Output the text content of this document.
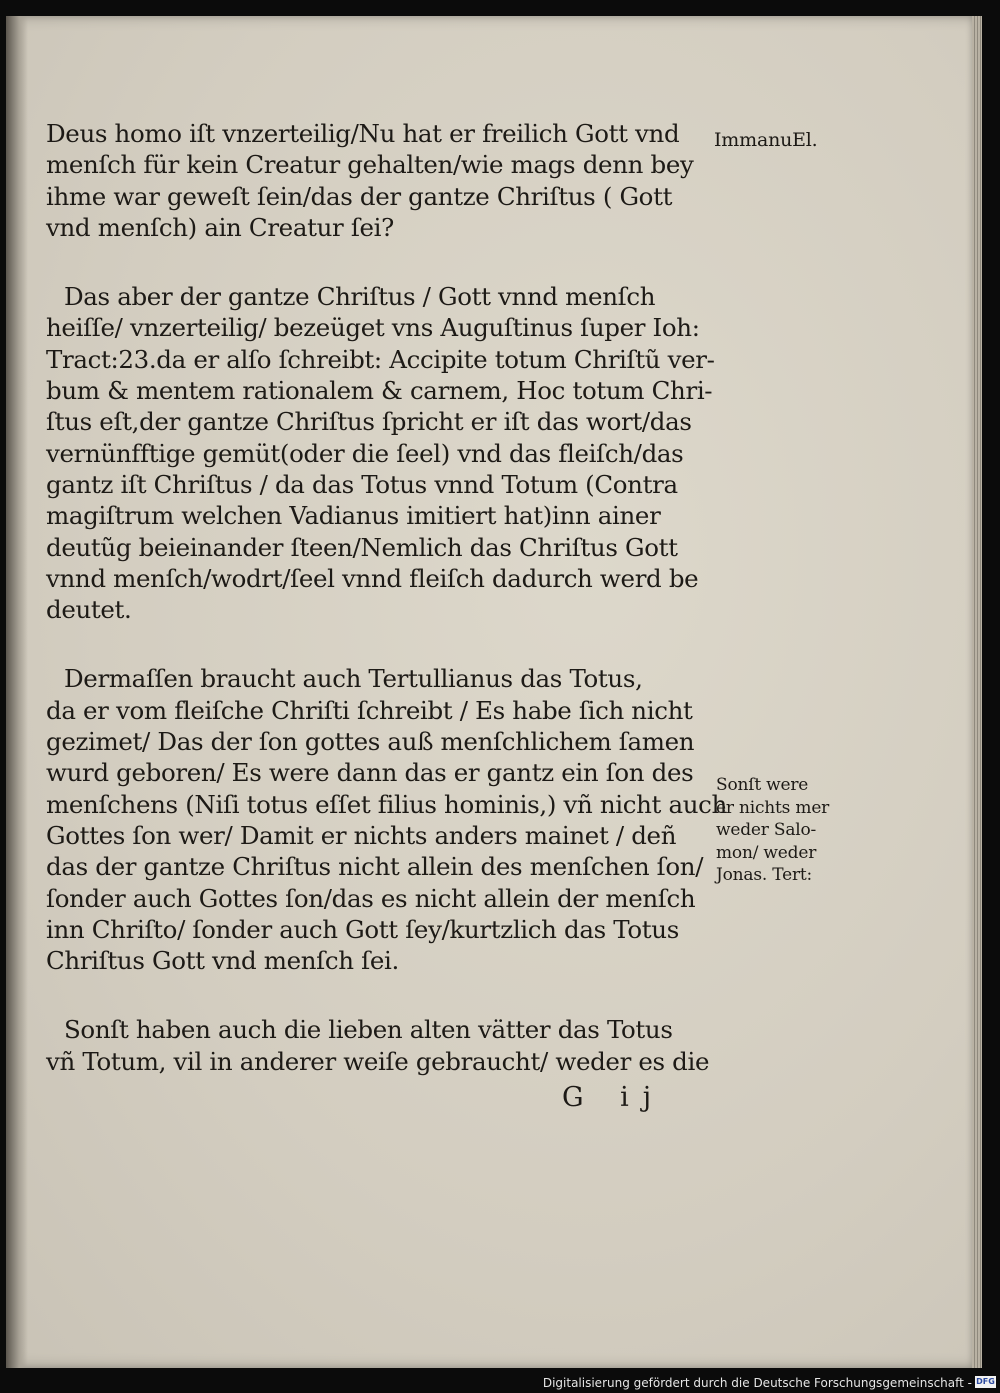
Deus homo iſt vnzerteilig/Nu hat er freilich Gott vnd
menſch für kein Creatur gehalten/wie mags denn bey
ihme war geweſt ſein/das der gantze Chriſtus ( Gott
vnd menſch) ain Creatur ſei?
Das aber der gantze Chriſtus / Gott vnnd menſch
heiſſe/ vnzerteilig/ bezeüget vns Auguſtinus ſuper Ioh:
Tract:23.da er alſo ſchreibt: Accipite totum Chriſtũ ver-
bum & mentem rationalem & carnem, Hoc totum Chri-
ſtus eſt,der gantze Chriſtus ſpricht er iſt das wort/das
vernünfftige gemüt(oder die ſeel) vnd das fleiſch/das
gantz iſt Chriſtus / da das Totus vnnd Totum (Contra
magiſtrum welchen Vadianus imitiert hat)inn ainer
deutũg beieinander ſteen/Nemlich das Chriſtus Gott
vnnd menſch/wodrt/ſeel vnnd fleiſch dadurch werd be
deutet.
Dermaſſen braucht auch Tertullianus das Totus,
da er vom fleiſche Chriſti ſchreibt / Es habe ſich nicht
gezimet/ Das der ſon gottes auß menſchlichem ſamen
wurd geboren/ Es were dann das er gantz ein ſon des
menſchens (Niſi totus eſſet filius hominis,) vñ nicht auch
Gottes ſon wer/ Damit er nichts anders mainet / deñ
das der gantze Chriſtus nicht allein des menſchen ſon/
ſonder auch Gottes ſon/das es nicht allein der menſch
inn Chriſto/ ſonder auch Gott ſey/kurtzlich das Totus
Chriſtus Gott vnd menſch ſei.
Sonſt haben auch die lieben alten vätter das Totus
vñ Totum, vil in anderer weiſe gebraucht/ weder es die
ImmanuEl.
Sonſt were
er nichts mer
weder Salo-
mon/ weder
Jonas. Tert:
G ij
Digitalisierung gefördert durch die Deutsche Forschungsgemeinschaft - DFG
